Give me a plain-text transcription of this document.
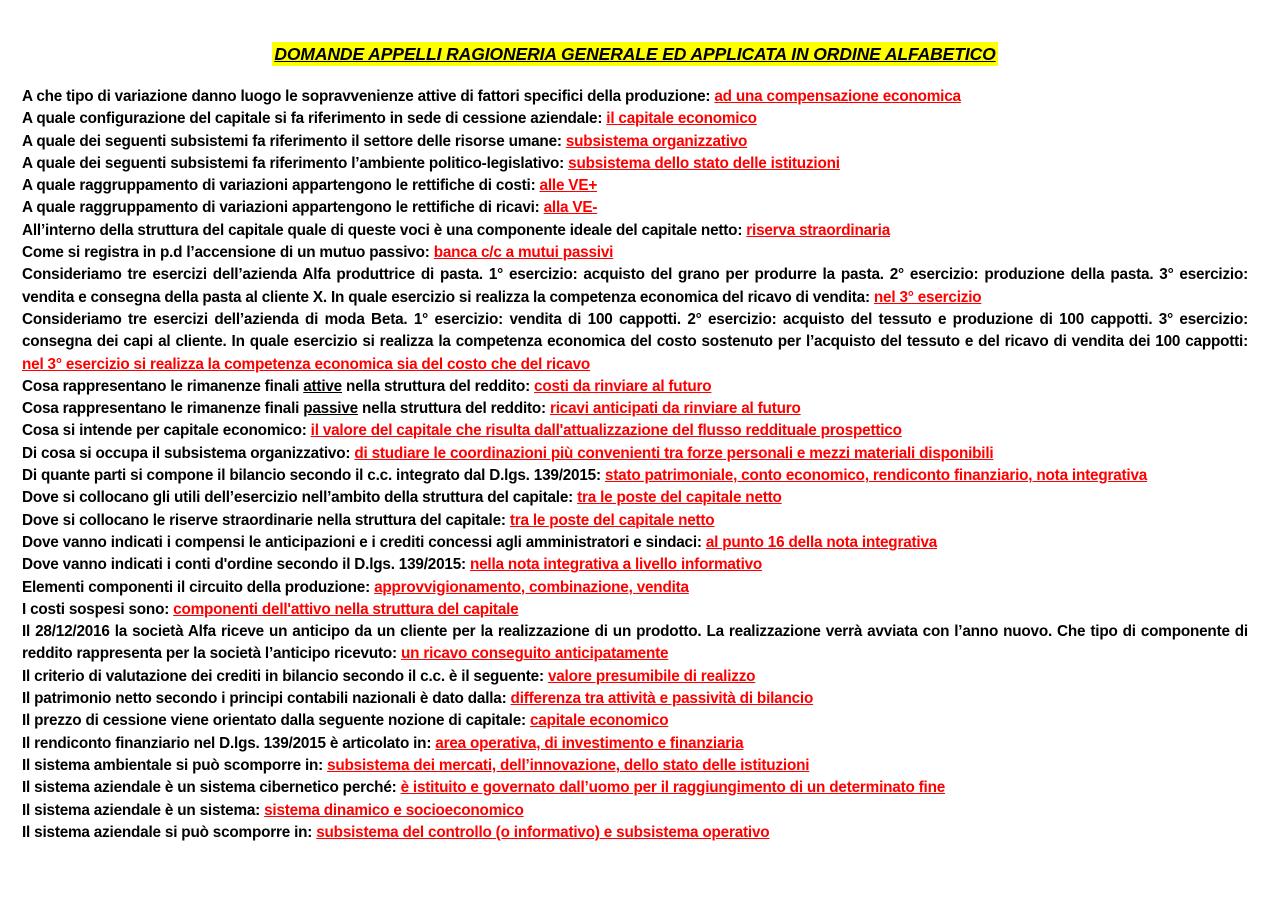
DOMANDE APPELLI RAGIONERIA GENERALE ED APPLICATA IN ORDINE ALFABETICO

A che tipo di variazione danno luogo le sopravvenienze attive di fattori specifici della produzione: ad una compensazione economica

A quale configurazione del capitale si fa riferimento in sede di cessione aziendale: il capitale economico

A quale dei seguenti subsistemi fa riferimento il settore delle risorse umane: subsistema organizzativo

A quale dei seguenti subsistemi fa riferimento l’ambiente politico-legislativo: subsistema dello stato delle istituzioni

A quale raggruppamento di variazioni appartengono le rettifiche di costi: alle VE+

A quale raggruppamento di variazioni appartengono le rettifiche di ricavi: alla VE-

All’interno della struttura del capitale quale di queste voci è una componente ideale del capitale netto: riserva straordinaria

Come si registra in p.d l’accensione di un mutuo passivo: banca c/c a mutui passivi

Consideriamo tre esercizi dell’azienda Alfa produttrice di pasta. 1° esercizio: acquisto del grano per produrre la pasta. 2° esercizio: produzione della pasta. 3° esercizio: vendita e consegna della pasta al cliente X. In quale esercizio si realizza la competenza economica del ricavo di vendita: nel 3° esercizio

Consideriamo tre esercizi dell’azienda di moda Beta. 1° esercizio: vendita di 100 cappotti. 2° esercizio: acquisto del tessuto e produzione di 100 cappotti. 3° esercizio: consegna dei capi al cliente. In quale esercizio si realizza la competenza economica del costo sostenuto per l’acquisto del tessuto e del ricavo di vendita dei 100 cappotti: nel 3° esercizio si realizza la competenza economica sia del costo che del ricavo

Cosa rappresentano le rimanenze finali attive nella struttura del reddito: costi da rinviare al futuro

Cosa rappresentano le rimanenze finali passive nella struttura del reddito: ricavi anticipati da rinviare al futuro

Cosa si intende per capitale economico: il valore del capitale che risulta dall'attualizzazione del flusso reddituale prospettico

Di cosa si occupa il subsistema organizzativo: di studiare le coordinazioni più convenienti tra forze personali e mezzi materiali disponibili

Di quante parti si compone il bilancio secondo il c.c. integrato dal D.lgs. 139/2015: stato patrimoniale, conto economico, rendiconto finanziario, nota integrativa

Dove si collocano gli utili dell’esercizio nell’ambito della struttura del capitale: tra le poste del capitale netto

Dove si collocano le riserve straordinarie nella struttura del capitale: tra le poste del capitale netto

Dove vanno indicati i compensi le anticipazioni e i crediti concessi agli amministratori e sindaci: al punto 16 della nota integrativa

Dove vanno indicati i conti d'ordine secondo il D.lgs. 139/2015: nella nota integrativa a livello informativo

Elementi componenti il circuito della produzione: approvvigionamento, combinazione, vendita

I costi sospesi sono: componenti dell'attivo nella struttura del capitale

Il 28/12/2016 la società Alfa riceve un anticipo da un cliente per la realizzazione di un prodotto. La realizzazione verrà avviata con l’anno nuovo. Che tipo di componente di reddito rappresenta per la società l’anticipo ricevuto: un ricavo conseguito anticipatamente

Il criterio di valutazione dei crediti in bilancio secondo il c.c. è il seguente: valore presumibile di realizzo

Il patrimonio netto secondo i principi contabili nazionali è dato dalla: differenza tra attività e passività di bilancio

Il prezzo di cessione viene orientato dalla seguente nozione di capitale: capitale economico

Il rendiconto finanziario nel D.lgs. 139/2015 è articolato in: area operativa, di investimento e finanziaria

Il sistema ambientale si può scomporre in: subsistema dei mercati, dell’innovazione, dello stato delle istituzioni

Il sistema aziendale è un sistema cibernetico perché: è istituito e governato dall’uomo per il raggiungimento di un determinato fine

Il sistema aziendale è un sistema: sistema dinamico e socioeconomico

Il sistema aziendale si può scomporre in: subsistema del controllo (o informativo) e subsistema operativo
